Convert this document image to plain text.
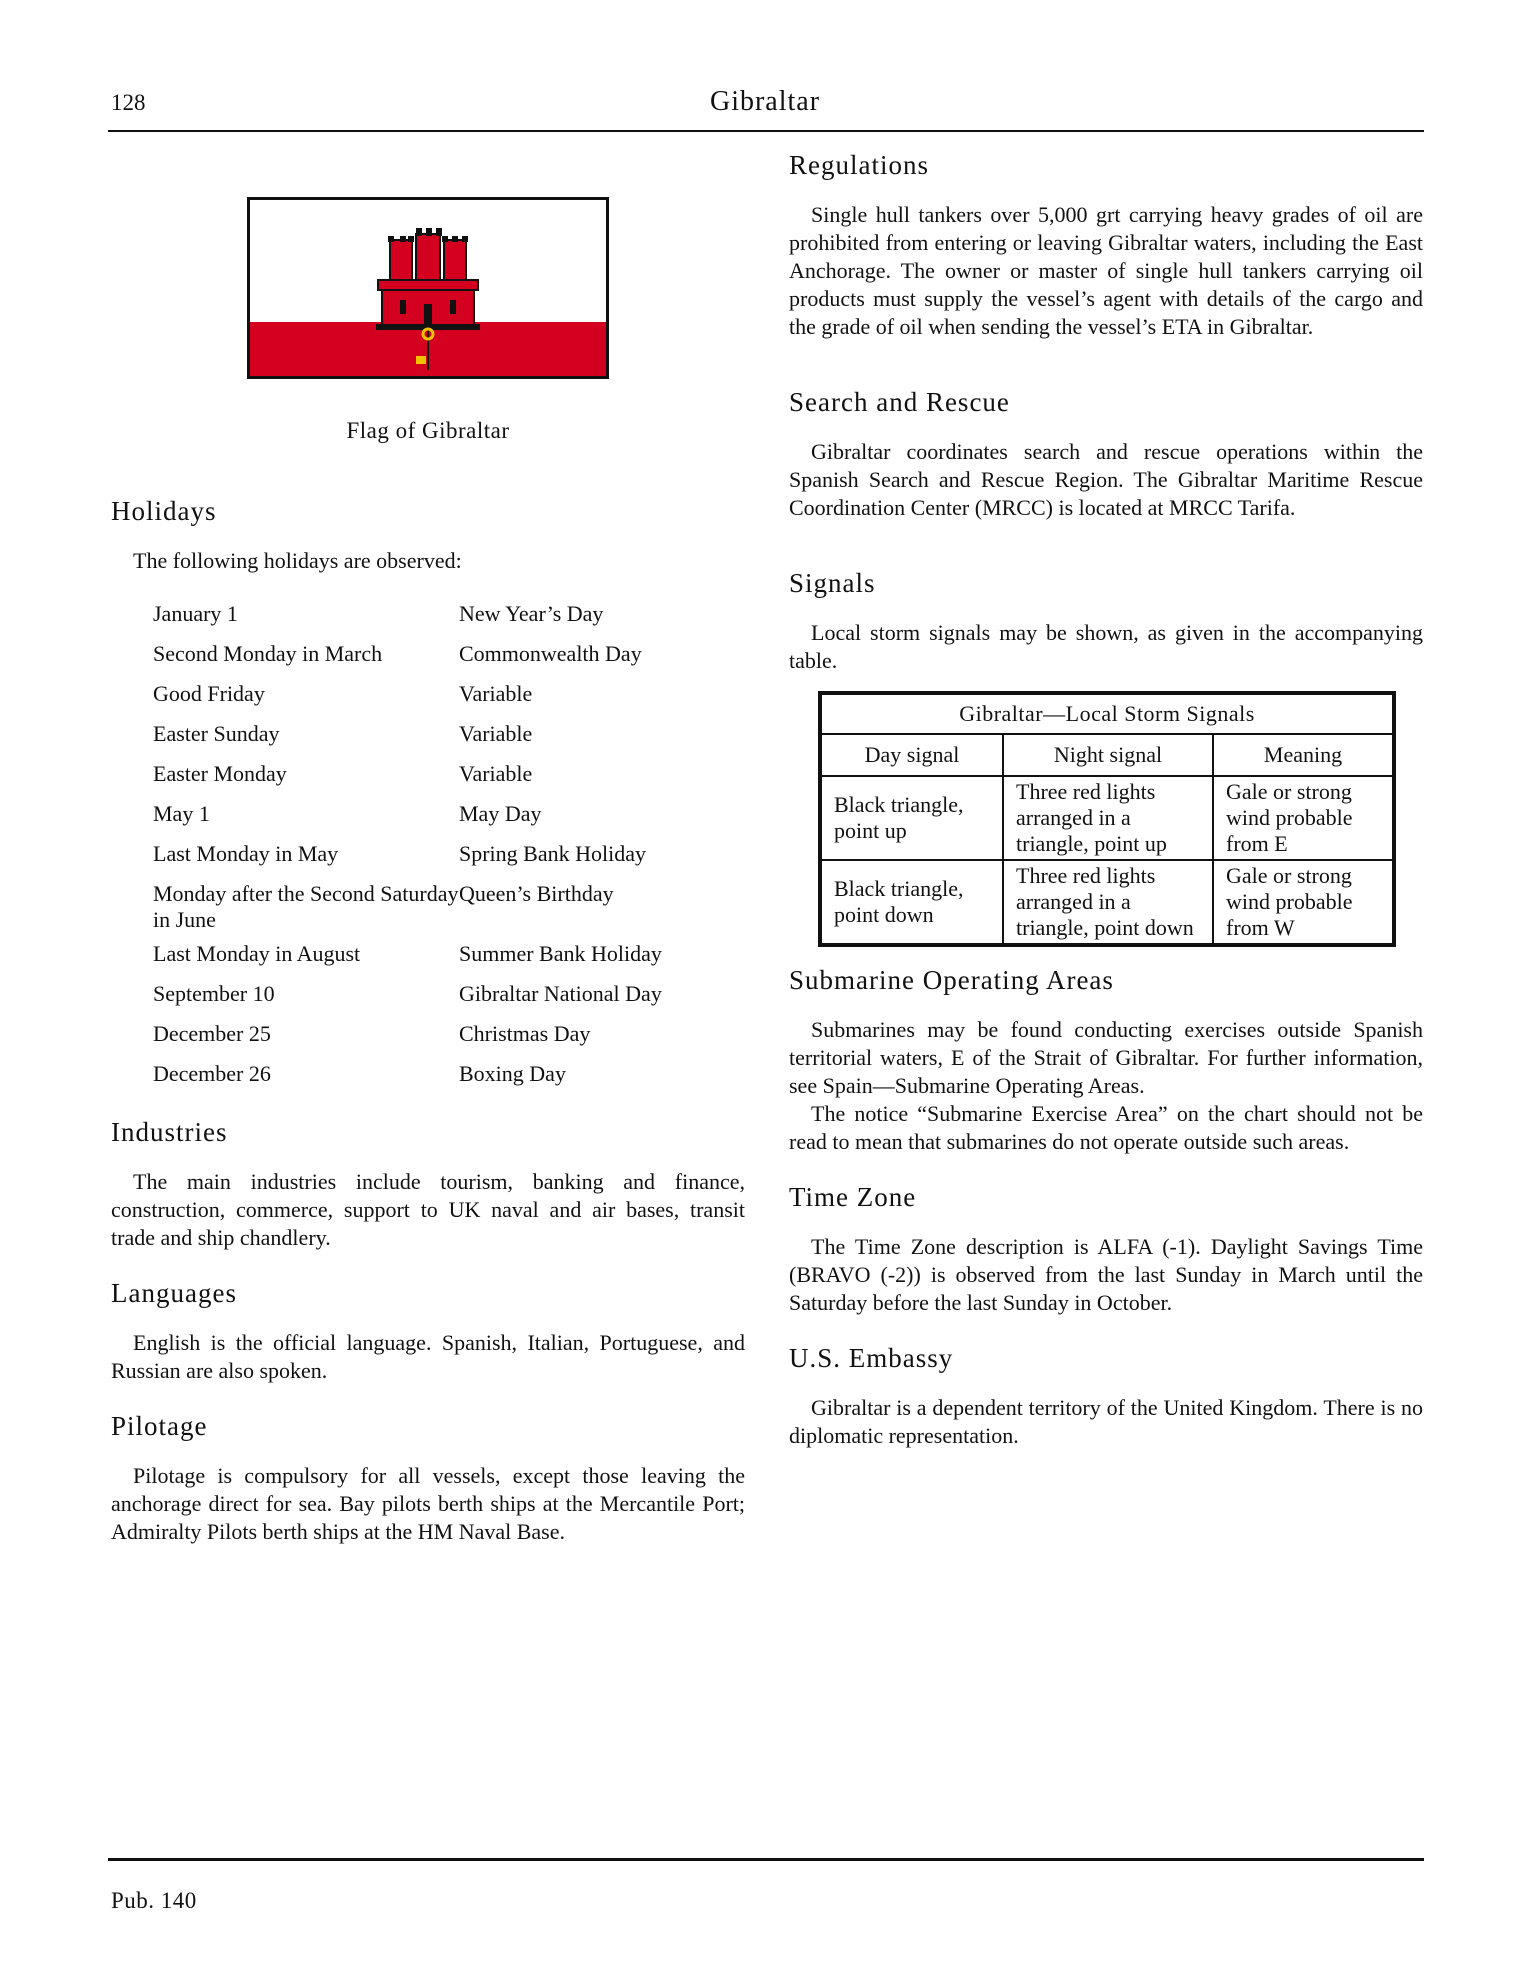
128	Gibraltar
Flag of Gibraltar
Holidays

The following holidays are observed:

January 1	New Year’s Day
Second Monday in March	Commonwealth Day
Good Friday	Variable
Easter Sunday	Variable
Easter Monday	Variable
May 1	May Day
Last Monday in May	Spring Bank Holiday
Monday after the Second Saturday in June	Queen’s Birthday
Last Monday in August	Summer Bank Holiday
September 10	Gibraltar National Day
December 25	Christmas Day
December 26	Boxing Day
Industries

The main industries include tourism, banking and finance, construction, commerce, support to UK naval and air bases, transit trade and ship chandlery.

Languages

English is the official language. Spanish, Italian, Portuguese, and Russian are also spoken.

Pilotage

Pilotage is compulsory for all vessels, except those leaving the anchorage direct for sea. Bay pilots berth ships at the Mercantile Port; Admiralty Pilots berth ships at the HM Naval Base.

Regulations

Single hull tankers over 5,000 grt carrying heavy grades of oil are prohibited from entering or leaving Gibraltar waters, including the East Anchorage. The owner or master of single hull tankers carrying oil products must supply the vessel’s agent with details of the cargo and the grade of oil when sending the vessel’s ETA in Gibraltar.

Search and Rescue

Gibraltar coordinates search and rescue operations within the Spanish Search and Rescue Region. The Gibraltar Maritime Rescue Coordination Center (MRCC) is located at MRCC Tarifa.

Signals

Local storm signals may be shown, as given in the accompanying table.

Gibraltar—Local Storm Signals		
Day signal	Night signal	Meaning
Black triangle, point up	Three red lights arranged in a triangle, point up	Gale or strong wind probable from E
Black triangle, point down	Three red lights arranged in a triangle, point down	Gale or strong wind probable from W
Submarine Operating Areas

Submarines may be found conducting exercises outside Spanish territorial waters, E of the Strait of Gibraltar. For further information, see Spain—Submarine Operating Areas.

The notice “Submarine Exercise Area” on the chart should not be read to mean that submarines do not operate outside such areas.

Time Zone

The Time Zone description is ALFA (-1). Daylight Savings Time (BRAVO (-2)) is observed from the last Sunday in March until the Saturday before the last Sunday in October.

U.S. Embassy

Gibraltar is a dependent territory of the United Kingdom. There is no diplomatic representation.

Pub. 140
